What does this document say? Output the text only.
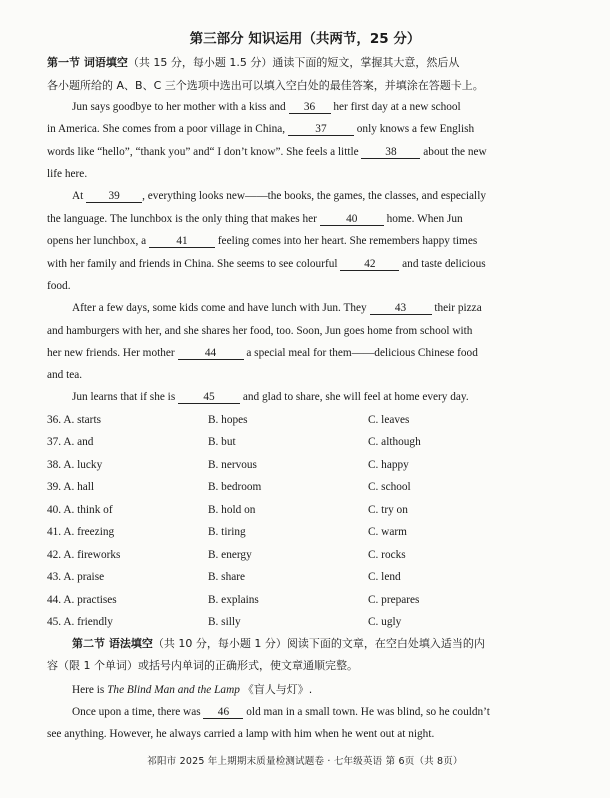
第三部分 知识运用（共两节，25 分）
第一节 词语填空（共 15 分，每小题 1.5 分）通读下面的短文，掌握其大意，然后从
各小题所给的 A、B、C 三个选项中选出可以填入空白处的最佳答案，并填涂在答题卡上。
Jun says goodbye to her mother with a kiss and 36 her first day at a new school
in America. She comes from a poor village in China,	37	only knows a few English
words like “hello”, “thank you” and“ I don’t know”. She feels a little 38 about the new
life here.
At 39 , everything looks new——the books, the games, the classes, and especially
the language. The lunchbox is the only thing that makes her	40	home. When Jun
opens her lunchbox, a	41	feeling comes into her heart. She remembers happy times
with her family and friends in China. She seems to see colourful 42 and taste delicious
food.
After a few days, some kids come and have lunch with Jun. They 43 their pizza
and hamburgers with her, and she shares her food, too. Soon, Jun goes home from school with
her new friends. Her mother	44	a special meal for them——delicious Chinese food
and tea.
Jun learns that if she is 45 and glad to share, she will feel at home every day.
36. A. starts	B. hopes	C. leaves
37. A. and	B. but	C. although
38. A. lucky	B. nervous	C. happy
39. A. hall	B. bedroom	C. school
40. A. think of	B. hold on	C. try on
41. A. freezing	B. tiring	C. warm
42. A. fireworks	B. energy	C. rocks
43. A. praise	B. share	C. lend
44. A. practises	B. explains	C. prepares
45. A. friendly	B. silly	C. ugly
第二节 语法填空（共 10 分，每小题 1 分）阅读下面的文章，在空白处填入适当的内
容（限 1 个单词）或括号内单词的正确形式，使文章通顺完整。
Here is The Blind Man and the Lamp 《盲人与灯》.
Once upon a time, there was 46 old man in a small town. He was blind, so he couldn’t
see anything. However, he always carried a lamp with him when he went out at night.
祁阳市 2025 年上期期末质量检测试题卷 · 七年级英语 第 6页（共 8页）
